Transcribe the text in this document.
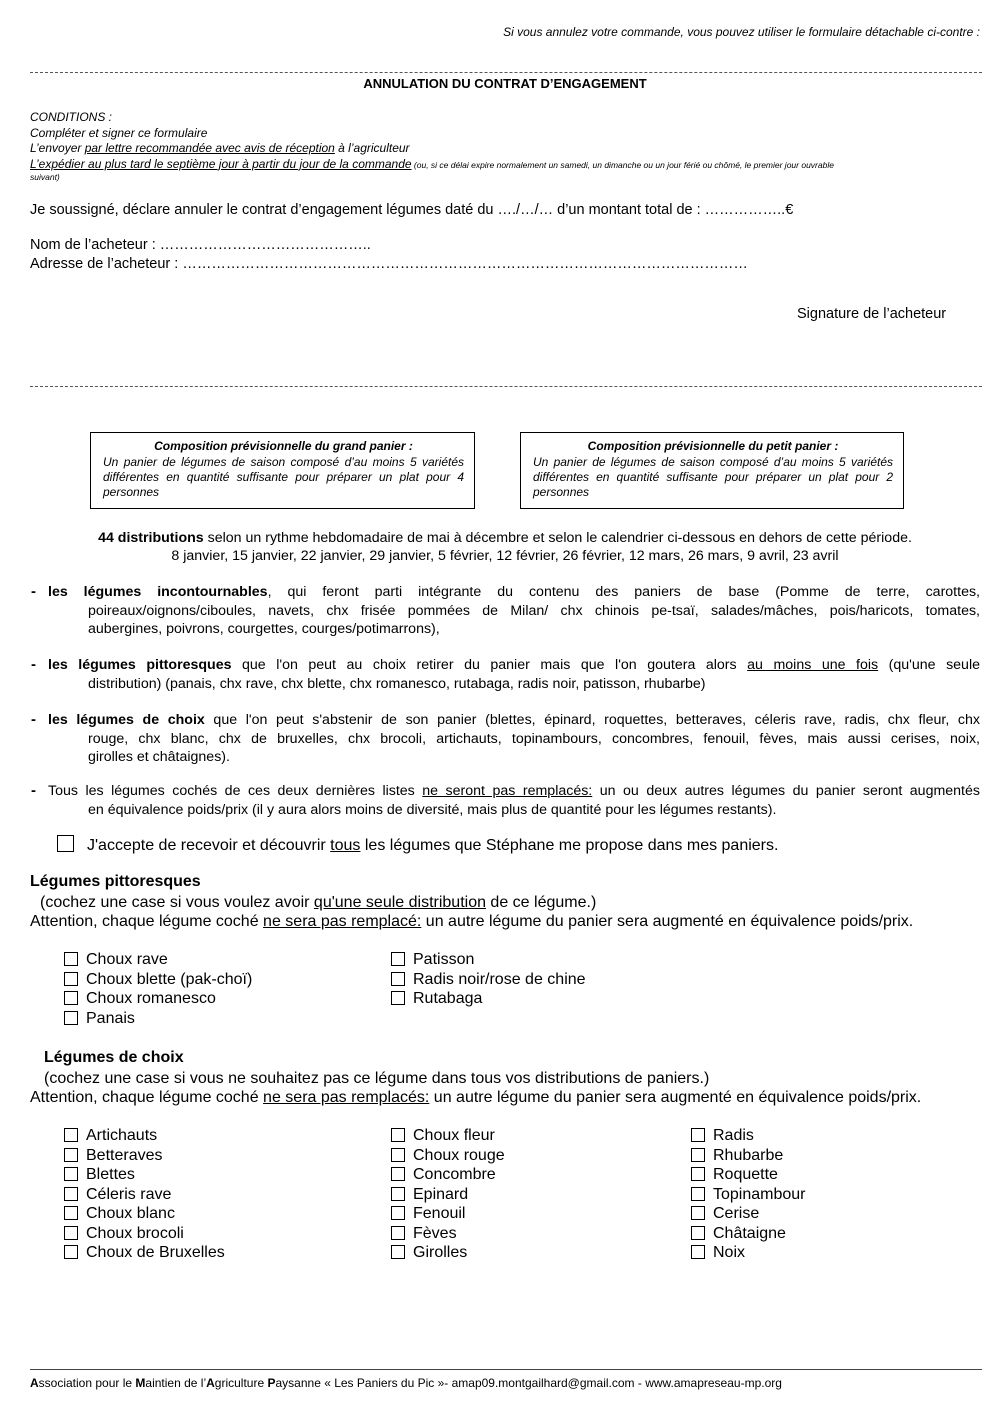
Si vous annulez votre commande, vous pouvez utiliser le formulaire détachable ci-contre :
ANNULATION DU CONTRAT D’ENGAGEMENT
CONDITIONS :
Compléter et signer ce formulaire
L’envoyer par lettre recommandée avec avis de réception à l’agriculteur
L’expédier au plus tard le septième jour à partir du jour de la commande (ou, si ce délai expire normalement un samedi, un dimanche ou un jour férié ou chômé, le premier jour ouvrable
suivant)
Je soussigné, déclare annuler le contrat d’engagement légumes daté du …./…/… d’un montant total de : ……………..€
Nom de l’acheteur : ……………………………………..
Adresse de l’acheteur : ………………………………………………………………………………………………………
Signature de l’acheteur
Composition prévisionnelle du grand panier :
Un panier de légumes de saison composé d’au moins 5 variétés différentes en quantité suffisante pour préparer un plat pour 4 personnes
Composition prévisionnelle du petit panier :
Un panier de légumes de saison composé d’au moins 5 variétés différentes en quantité suffisante pour préparer un plat pour 2 personnes
44 distributions selon un rythme hebdomadaire de mai à décembre et selon le calendrier ci-dessous en dehors de cette période.
8 janvier, 15 janvier, 22 janvier, 29 janvier, 5 février, 12 février, 26 février, 12 mars, 26 mars, 9 avril, 23 avril
- les légumes incontournables, qui feront parti intégrante du contenu des paniers de base (Pomme de terre, carottes,
poireaux/oignons/ciboules, navets, chx frisée pommées de Milan/ chx chinois pe-tsaï, salades/mâches, pois/haricots, tomates,
aubergines, poivrons, courgettes, courges/potimarrons),
- les légumes pittoresques que l'on peut au choix retirer du panier mais que l'on goutera alors au moins une fois (qu'une seule
distribution) (panais, chx rave, chx blette, chx romanesco, rutabaga, radis noir, patisson, rhubarbe)
- les légumes de choix que l'on peut s'abstenir de son panier (blettes, épinard, roquettes, betteraves, céleris rave, radis, chx fleur, chx
rouge, chx blanc, chx de bruxelles, chx brocoli, artichauts, topinambours, concombres, fenouil, fèves, mais aussi cerises, noix,
girolles et châtaignes).
- Tous les légumes cochés de ces deux dernières listes ne seront pas remplacés: un ou deux autres légumes du panier seront augmentés
en équivalence poids/prix (il y aura alors moins de diversité, mais plus de quantité pour les légumes restants).
J'accepte de recevoir et découvrir tous les légumes que Stéphane me propose dans mes paniers.
Légumes pittoresques
(cochez une case si vous voulez avoir qu'une seule distribution de ce légume.)
Attention, chaque légume coché ne sera pas remplacé: un autre légume du panier sera augmenté en équivalence poids/prix.
Choux rave
Choux blette (pak-choï)
Choux romanesco
Panais
Patisson
Radis noir/rose de chine
Rutabaga
Légumes de choix
(cochez une case si vous ne souhaitez pas ce légume dans tous vos distributions de paniers.)
Attention, chaque légume coché ne sera pas remplacés: un autre légume du panier sera augmenté en équivalence poids/prix.
Artichauts
Betteraves
Blettes
Céleris rave
Choux blanc
Choux brocoli
Choux de Bruxelles
Choux fleur
Choux rouge
Concombre
Epinard
Fenouil
Fèves
Girolles
Radis
Rhubarbe
Roquette
Topinambour
Cerise
Châtaigne
Noix
Association pour le Maintien de l’Agriculture Paysanne « Les Paniers du Pic »- amap09.montgailhard@gmail.com - www.amapreseau-mp.org
